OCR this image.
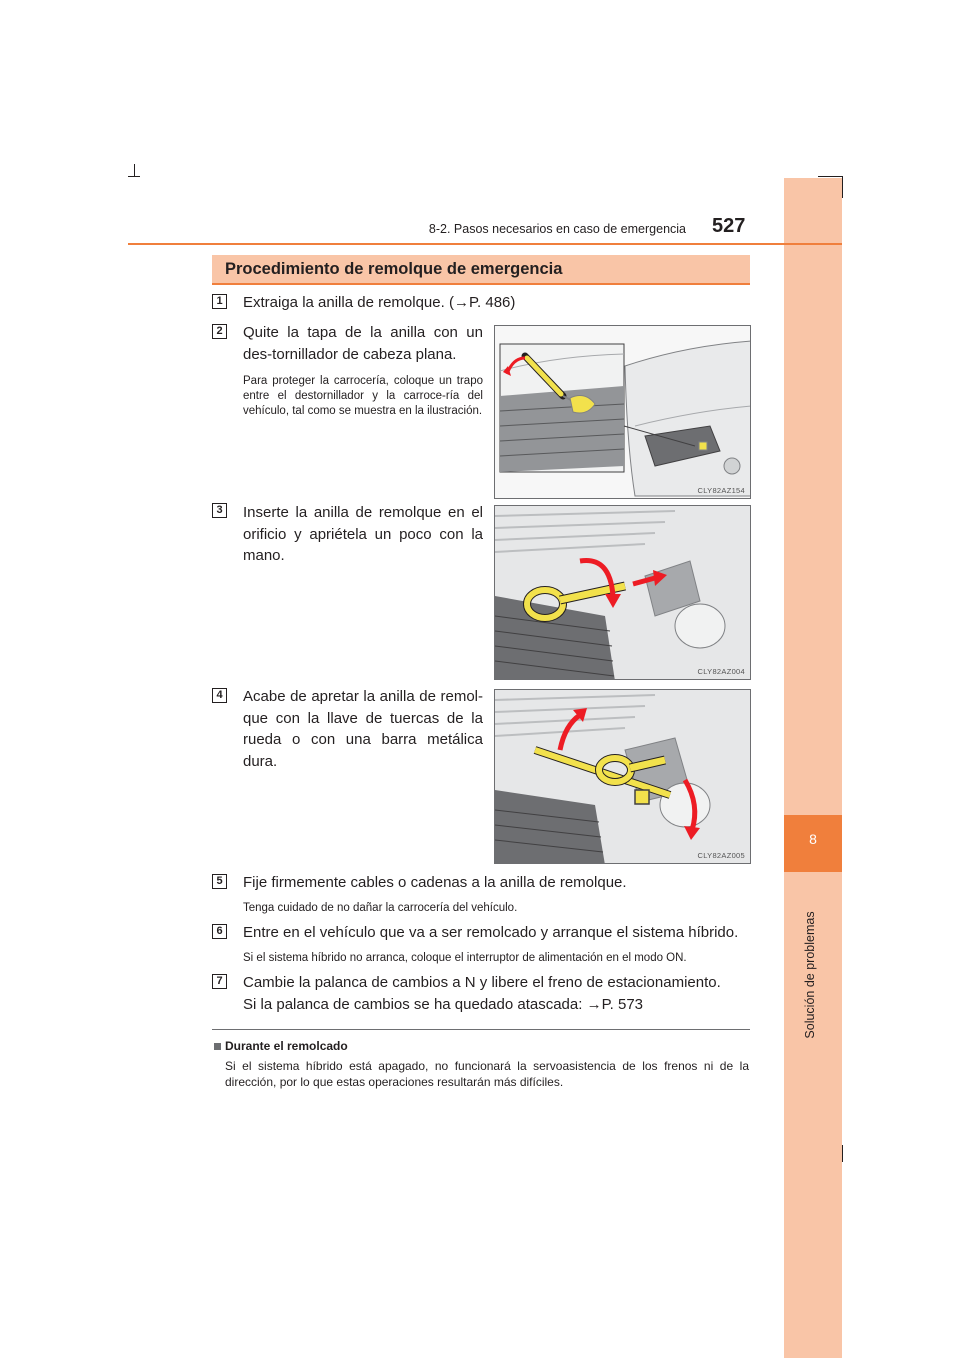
8
Solución de problemas
8-2. Pasos necesarios en caso de emergencia 527
Procedimiento de remolque de emergencia
1 Extraiga la anilla de remolque. (→P. 486)
2 Quite la tapa de la anilla con un des-tornillador de cabeza plana.
Para proteger la carrocería, coloque un trapo entre el destornillador y la carroce-ría del vehículo, tal como se muestra en la ilustración.
CLY82AZ154
3 Inserte la anilla de remolque en el orificio y apriétela un poco con la mano.
CLY82AZ004
4 Acabe de apretar la anilla de remol-que con la llave de tuercas de la rueda o con una barra metálica dura.
CLY82AZ005
5 Fije firmemente cables o cadenas a la anilla de remolque.
Tenga cuidado de no dañar la carrocería del vehículo.
6 Entre en el vehículo que va a ser remolcado y arranque el sistema híbrido.
Si el sistema híbrido no arranca, coloque el interruptor de alimentación en el modo ON.
7 Cambie la palanca de cambios a N y libere el freno de estacionamiento.
Si la palanca de cambios se ha quedado atascada: →P. 573
Durante el remolcado
Si el sistema híbrido está apagado, no funcionará la servoasistencia de los frenos ni de la dirección, por lo que estas operaciones resultarán más difíciles.
